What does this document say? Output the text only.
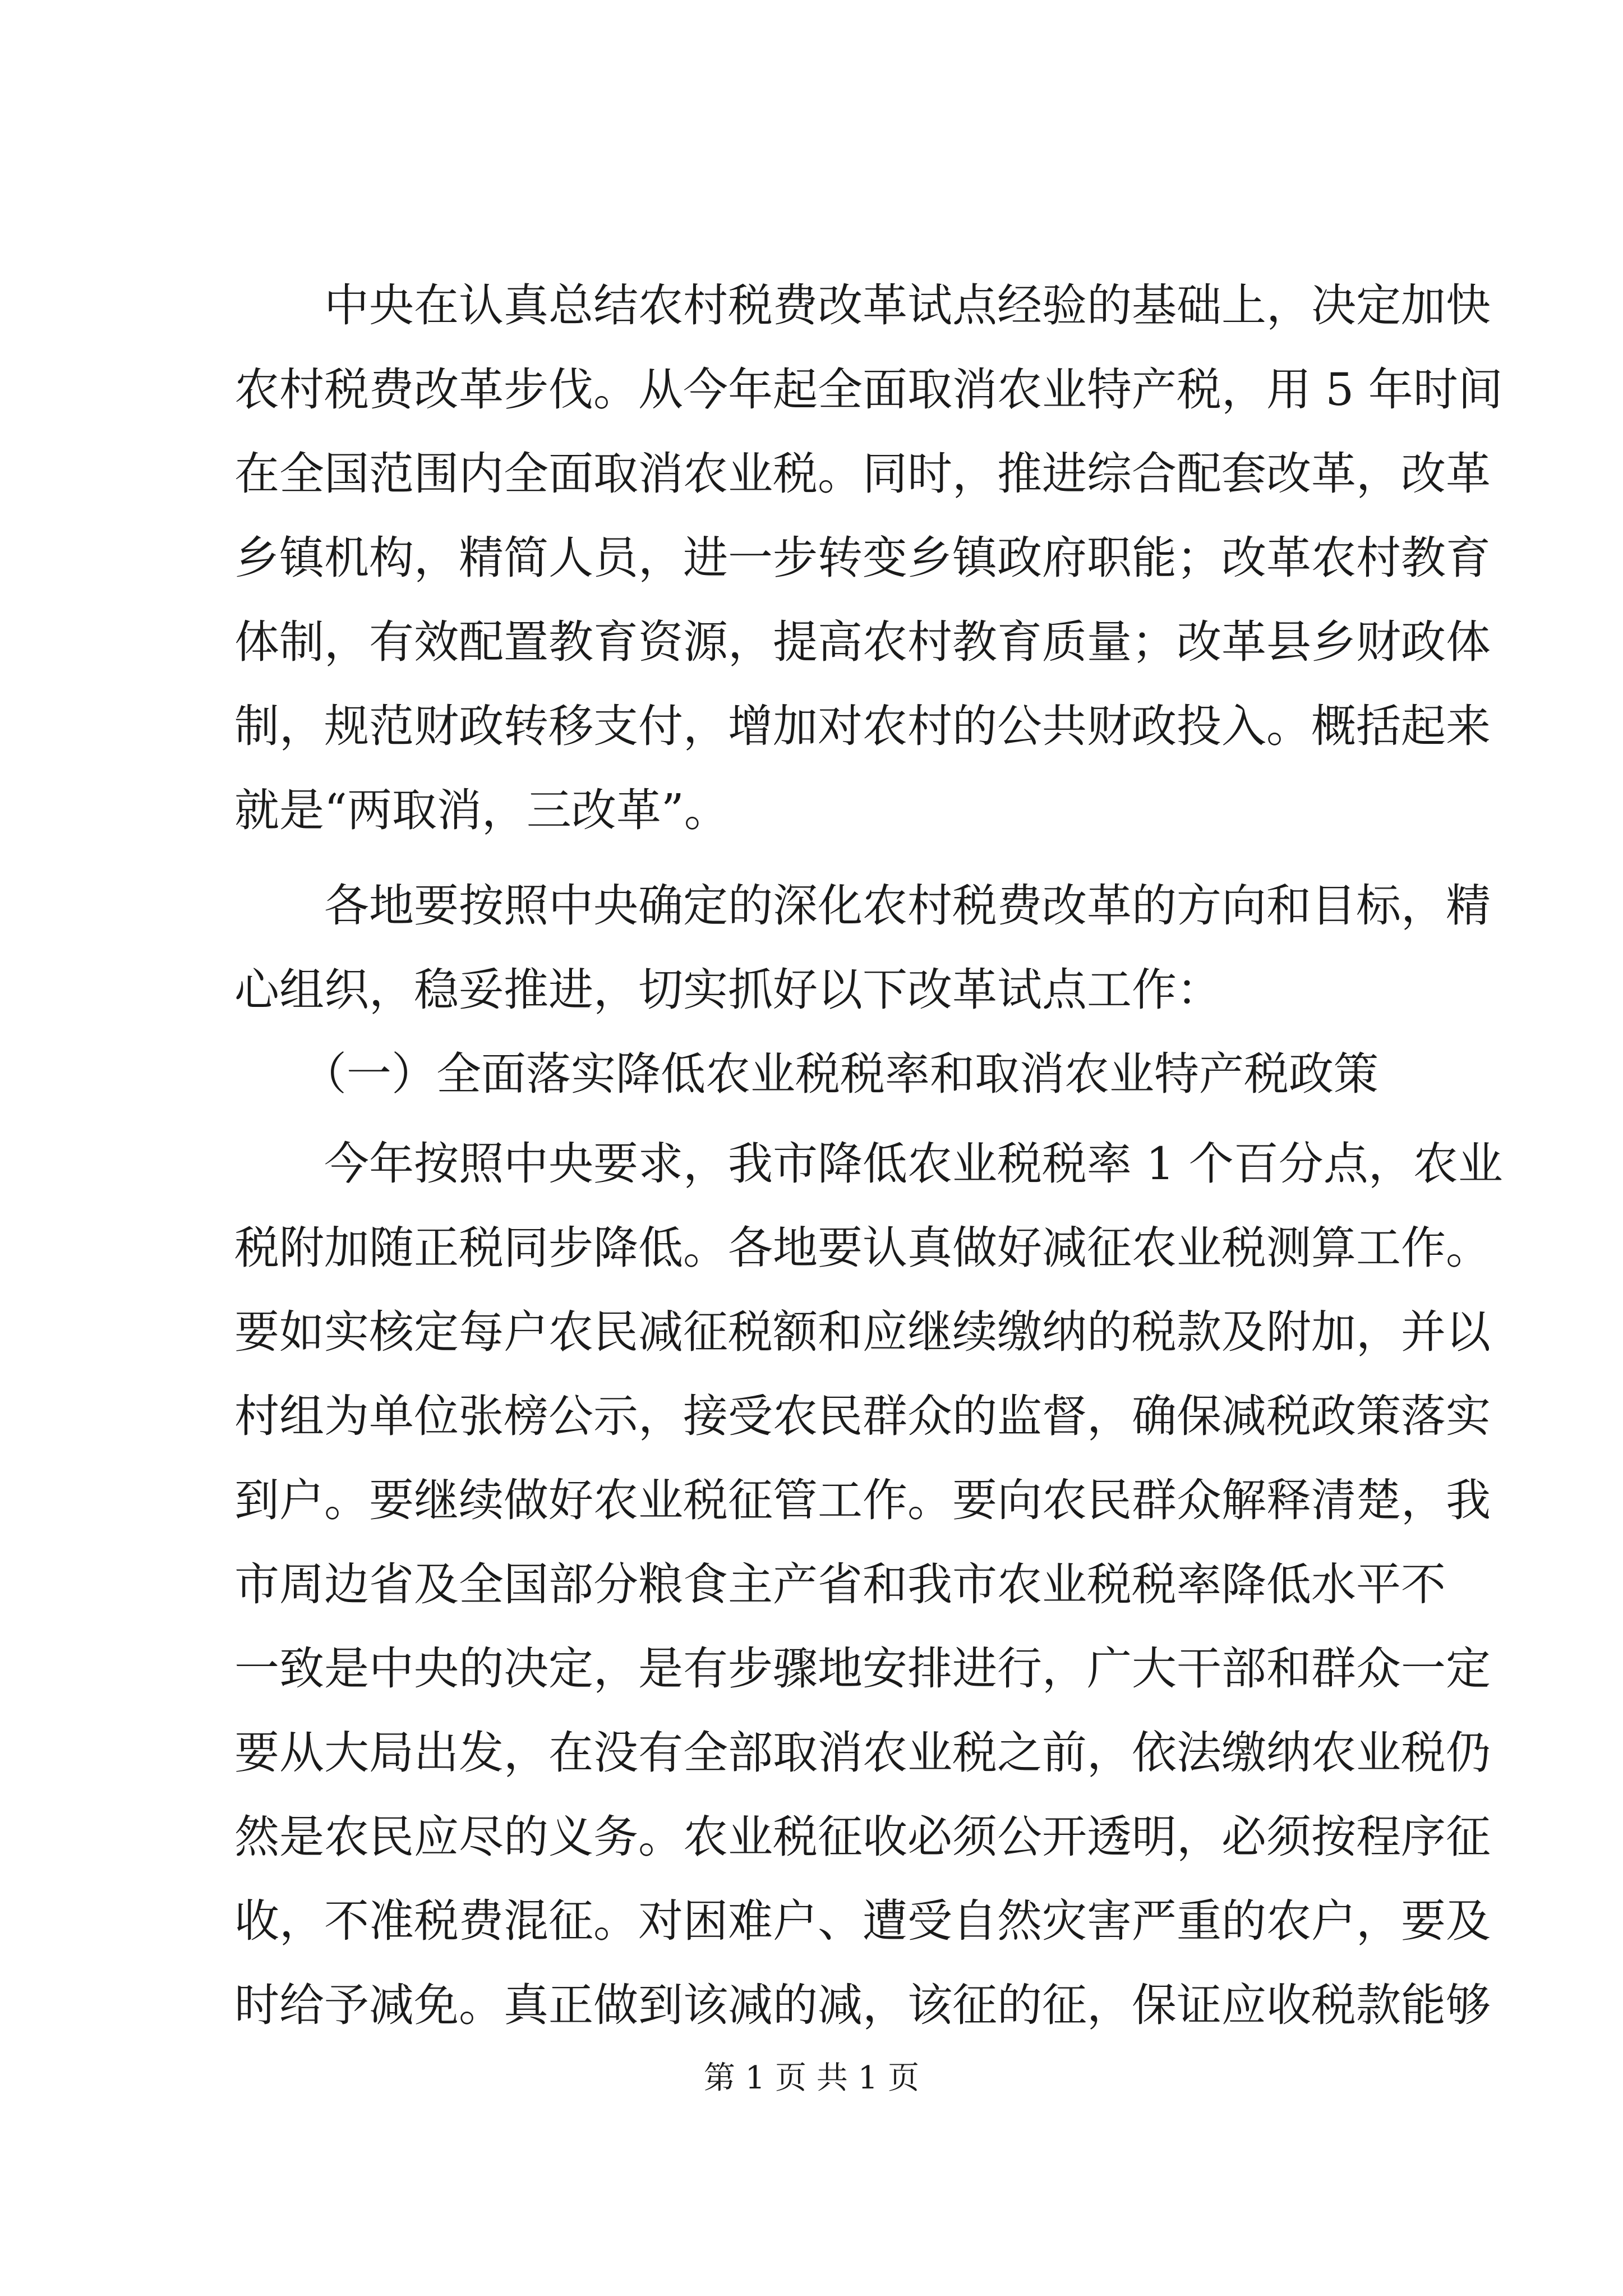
中央在认真总结农村税费改革试点经验的基础上，决定加快
农村税费改革步伐。从今年起全面取消农业特产税，用 5 年时间
在全国范围内全面取消农业税。同时，推进综合配套改革，改革
乡镇机构，精简人员，进一步转变乡镇政府职能；改革农村教育
体制，有效配置教育资源，提高农村教育质量；改革县乡财政体
制，规范财政转移支付，增加对农村的公共财政投入。概括起来
就是“两取消，三改革”。
各地要按照中央确定的深化农村税费改革的方向和目标，精
心组织，稳妥推进，切实抓好以下改革试点工作：
（一）全面落实降低农业税税率和取消农业特产税政策
今年按照中央要求，我市降低农业税税率 1 个百分点，农业
税附加随正税同步降低。各地要认真做好减征农业税测算工作。
要如实核定每户农民减征税额和应继续缴纳的税款及附加，并以
村组为单位张榜公示，接受农民群众的监督，确保减税政策落实
到户。要继续做好农业税征管工作。要向农民群众解释清楚，我
市周边省及全国部分粮食主产省和我市农业税税率降低水平不
一致是中央的决定，是有步骤地安排进行，广大干部和群众一定
要从大局出发，在没有全部取消农业税之前，依法缴纳农业税仍
然是农民应尽的义务。农业税征收必须公开透明，必须按程序征
收，不准税费混征。对困难户、遭受自然灾害严重的农户，要及
时给予减免。真正做到该减的减，该征的征，保证应收税款能够
第 1 页 共 1 页
